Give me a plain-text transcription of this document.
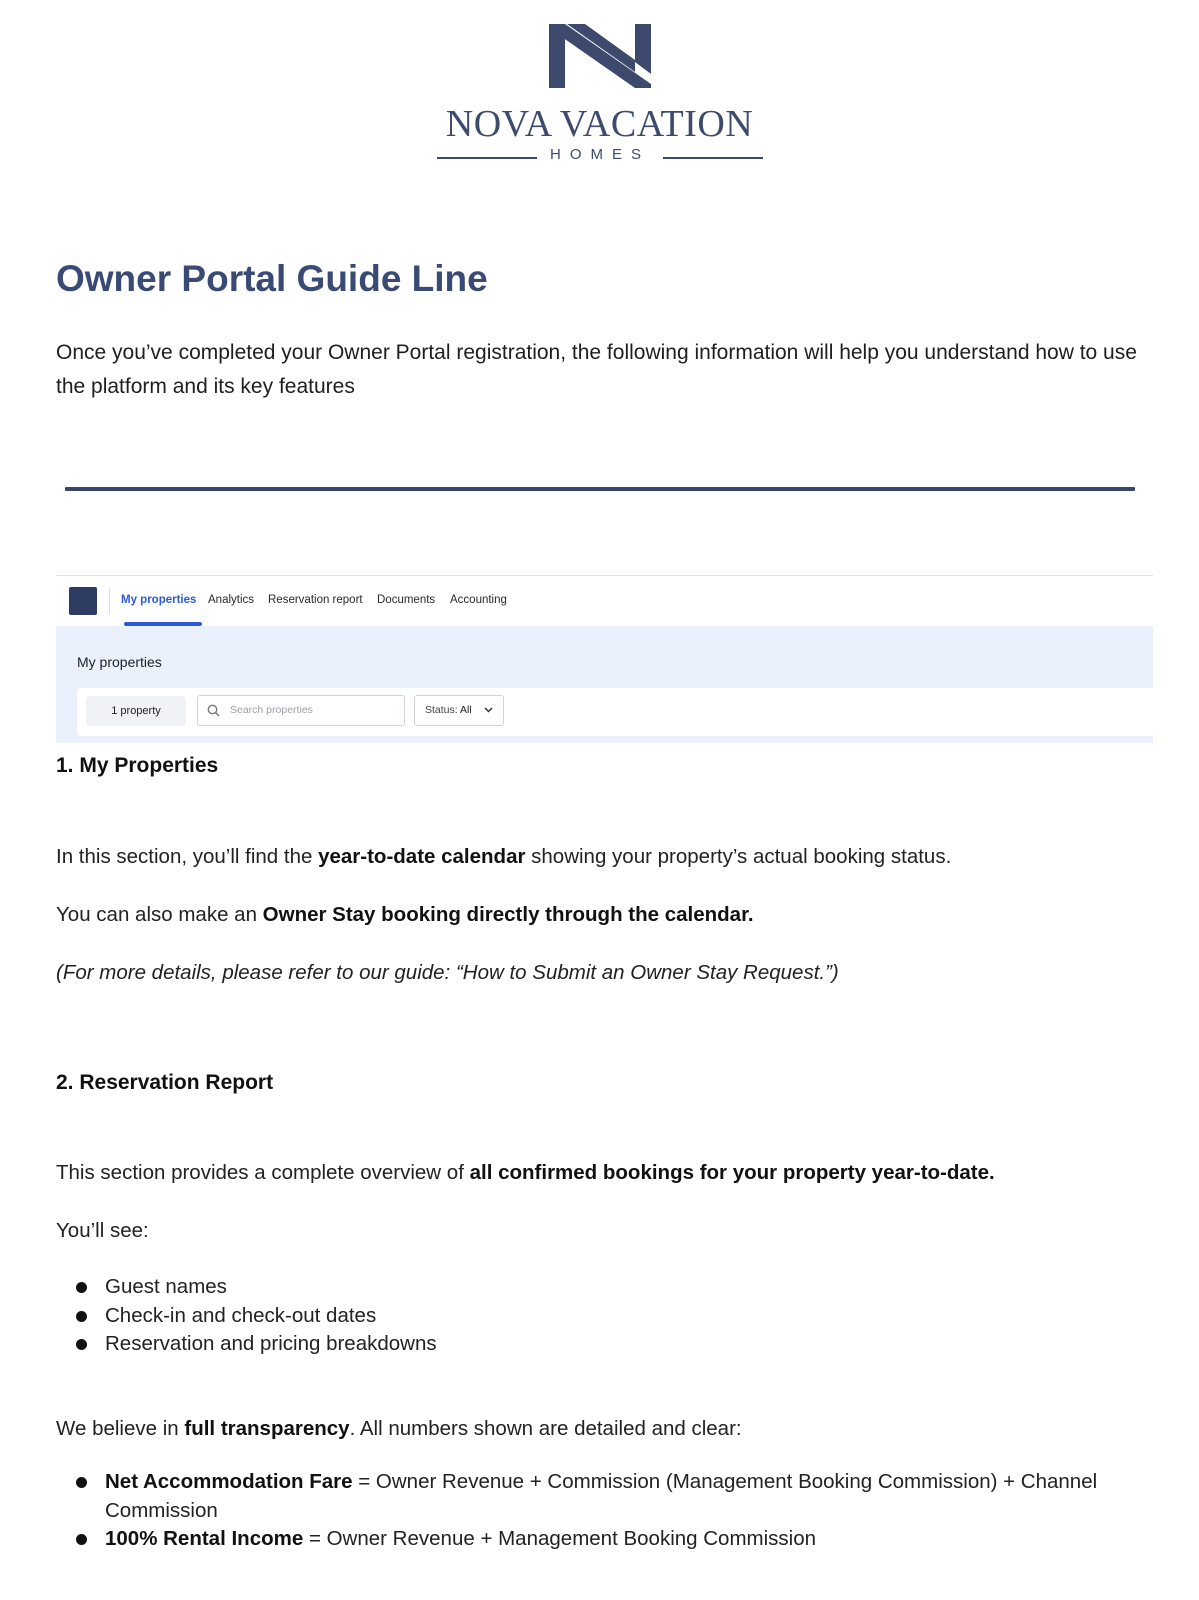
NOVA VACATION
HOMES
Owner Portal Guide Line
Once you’ve completed your Owner Portal registration, the following information will help you understand how to use the platform and its key features
My properties Analytics Reservation report Documents Accounting
My properties
1 property	Search properties	Status: All
1. My Properties
In this section, you’ll find the year-to-date calendar showing your property’s actual booking status.
You can also make an Owner Stay booking directly through the calendar.
(For more details, please refer to our guide: “How to Submit an Owner Stay Request.”)
2. Reservation Report
This section provides a complete overview of all confirmed bookings for your property year-to-date.
You’ll see:
Guest names
Check-in and check-out dates
Reservation and pricing breakdowns
We believe in full transparency. All numbers shown are detailed and clear:
Net Accommodation Fare = Owner Revenue + Commission (Management Booking Commission) + Channel Commission
100% Rental Income = Owner Revenue + Management Booking Commission
